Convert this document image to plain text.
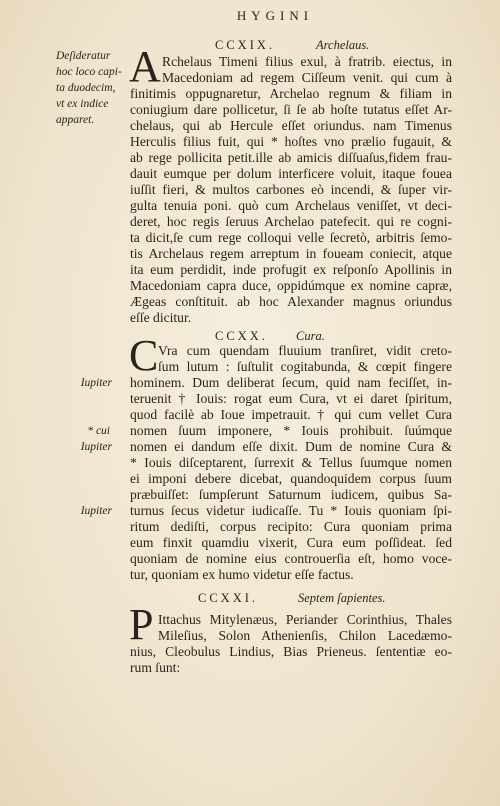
HYGINI
CCXIX.	Archelaus.
Deſideratur
hoc loco capi-
ta duodecim,
vt ex indice
apparet.
A Rchelaus Timeni filius exul, à fratrib. eiectus, in
Macedoniam ad regem Ciſſeum venit. qui cum à
finitimis oppugnaretur, Archelao regnum & filiam in
coniugium dare pollicetur, ſi ſe ab hoſte tutatus eſſet Ar-
chelaus, qui ab Hercule eſſet oriundus. nam Timenus
Herculis filius fuit, qui * hoſtes vno prælio fugauit, &
ab rege pollicita petit.ille ab amicis diſſuaſus,fidem frau-
dauit eumque per dolum interficere voluit, itaque fouea
iuſſit fieri, & multos carbones eò incendi, & ſuper vir-
gulta tenuia poni. quò cum Archelaus veniſſet, vt deci-
deret, hoc regis ſeruus Archelao patefecit. qui re cogni-
ta dicit,ſe cum rege colloqui velle ſecretò, arbitris ſemo-
tis Archelaus regem arreptum in foueam coniecit, atque
ita eum perdidit, inde profugit ex reſponſo Apollinis in
Macedoniam capra duce, oppidúmque ex nomine capræ,
Ægeas conſtituit. ab hoc Alexander magnus oriundus
eſſe dicitur.
CCXX. Cura.
Iupiter
* cui
Iupiter
Iupiter
C Vra cum quendam fluuium tranſiret, vidit creto-
ſum lutum : ſuſtulit cogitabunda, & cœpit fingere
hominem. Dum deliberat ſecum, quid nam feciſſet, in-
teruenit † Iouis: rogat eum Cura, vt ei daret ſpiritum,
quod facilè ab Ioue impetrauit. † qui cum vellet Cura
nomen ſuum imponere, * Iouis prohibuit. ſuúmque
nomen ei dandum eſſe dixit. Dum de nomine Cura &
* Iouis diſceptarent, ſurrexit & Tellus ſuumque nomen
ei imponi debere dicebat, quandoquidem corpus ſuum
præbuiſſet: ſumpſerunt Saturnum iudicem, quibus Sa-
turnus ſecus videtur iudicaſſe. Tu * Iouis quoniam ſpi-
ritum dediſti, corpus recipito: Cura quoniam prima
eum finxit quamdiu vixerit, Cura eum poſſideat. ſed
quoniam de nomine eius controuerſia eſt, homo voce-
tur, quoniam ex humo videtur eſſe factus.
CCXXI.	Septem ſapientes.
P Ittachus Mitylenæus, Periander Corinthius, Thales
Mileſius, Solon Athenienſis, Chilon Lacedæmo-
nius, Cleobulus Lindius, Bias Prieneus. ſententiæ eo-
rum ſunt:
